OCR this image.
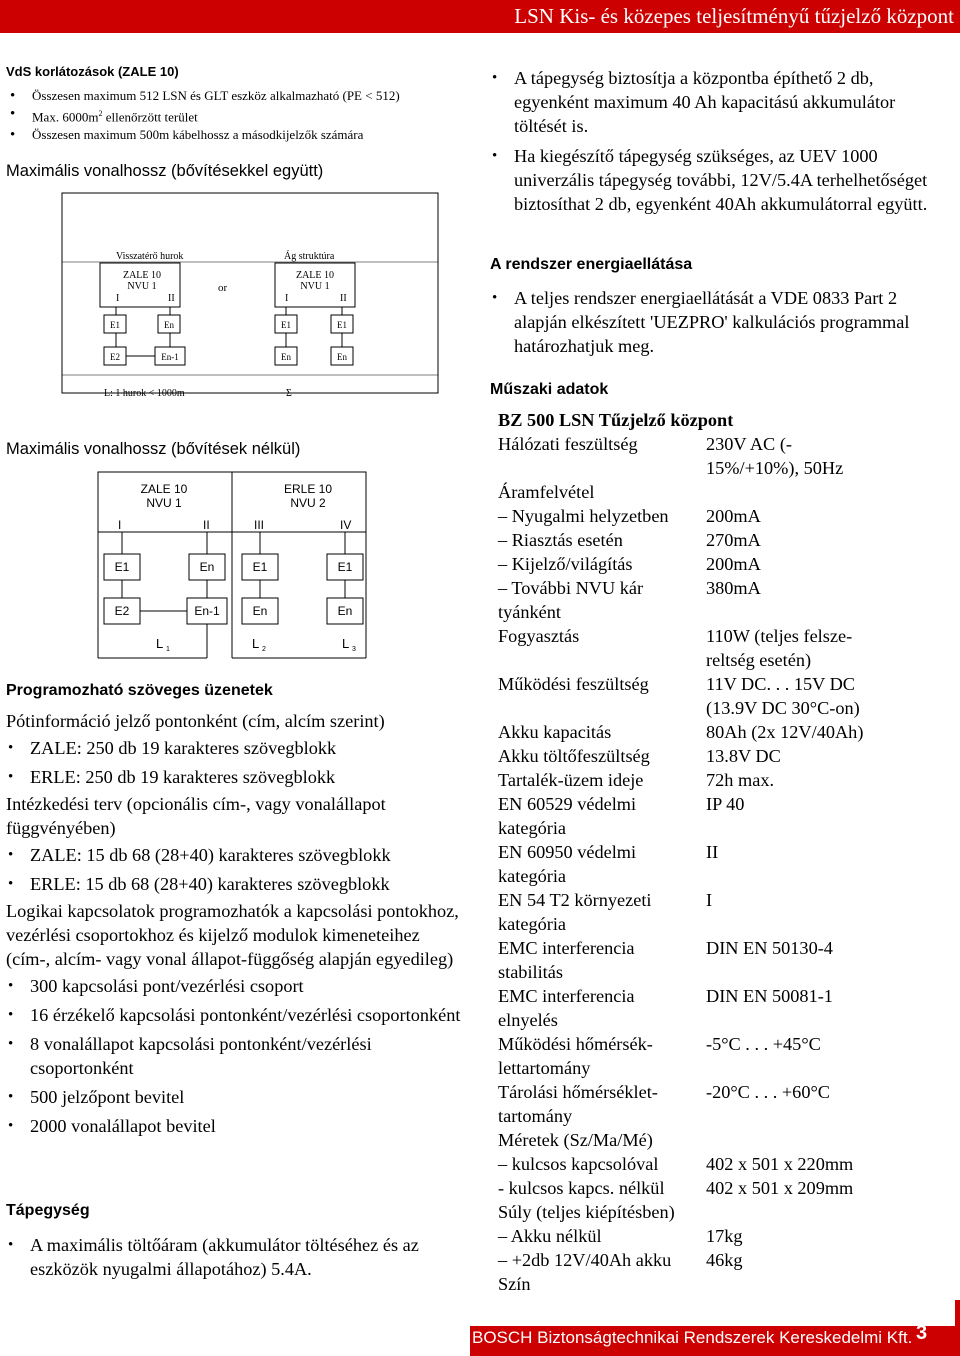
LSN Kis- és közepes teljesítményű tűzjelző központ
VdS korlátozások (ZALE 10)
• Összesen maximum 512 LSN és GLT eszköz alkalmazható (PE < 512)
• Max. $6000m^2$ ellenőrzött terület
• Összesen maximum 500m kábelhossz a másodkijelzők számára
Maximális vonalhossz (bővítésekkel együtt)
Visszatérő hurok
ZALE 10
NVU 1
I	II
E1	En
E2	En-1
or
Ág struktúra
ZALE 10
NVU 1
I	II
E1	E1
En	En
L: 1 hurok < 1000m	Σ
Maximális vonalhossz (bővítések nélkül)
ZALE 10
NVU 1
ERLE 10
NVU 2
I	II	III	IV
E1	En	E1	E1
E2	En-1	En	En
L 1	L 2	L 3
Programozható szöveges üzenetek
Pótinformáció jelző pontonként (cím, alcím szerint)
• ZALE: 250 db 19 karakteres szövegblokk
• ERLE: 250 db 19 karakteres szövegblokk
Intézkedési terv (opcionális cím-, vagy vonalállapot függvényében)
• ZALE: 15 db 68 (28+40) karakteres szövegblokk
• ERLE: 15 db 68 (28+40) karakteres szövegblokk
Logikai kapcsolatok programozhatók a kapcsolási pontokhoz, vezérlési csoportokhoz és kijelző modulok kimeneteihez (cím-, alcím- vagy vonal állapot-függőség alapján egyedileg)
• 300 kapcsolási pont/vezérlési csoport
• 16 érzékelő kapcsolási pontonként/vezérlési csoportonként
• 8 vonalállapot kapcsolási pontonként/vezérlési csoportonként
• 500 jelzőpont bevitel
• 2000 vonalállapot bevitel
Tápegység
• A maximális töltőáram (akkumulátor töltéséhez és az eszközök nyugalmi állapotához) 5.4A.
• A tápegység biztosítja a központba építhető 2 db, egyenként maximum 40 Ah kapacitású akkumulátor töltését is.
• Ha kiegészítő tápegység szükséges, az UEV 1000 univerzális tápegység további, 12V/5.4A terhelhetőséget biztosíthat 2 db, egyenként 40Ah akkumulátorral együtt.
A rendszer energiaellátása
• A teljes rendszer energiaellátását a VDE 0833 Part 2 alapján elkészített 'UEZPRO' kalkulációs programmal határozhatjuk meg.
Műszaki adatok
BZ 500 LSN Tűzjelző központ
Hálózati feszültség	230V AC (-
15%/+10%), 50Hz
Áramfelvétel
– Nyugalmi helyzetben 200mA
– Riasztás esetén	270mA
– Kijelző/világítás	200mA
– További NVU kár	380mA
tyánként
Fogyasztás	110W (teljes felsze-
reltség esetén)
Működési feszültség	11V DC. . . 15V DC
(13.9V DC 30°C-on)
Akku kapacitás	80Ah (2x 12V/40Ah)
Akku töltőfeszültség	13.8V DC
Tartalék-üzem ideje	72h max.
EN 60529 védelmi	IP 40
kategória
EN 60950 védelmi	II
kategória
EN 54 T2 környezeti	I
kategória
EMC interferencia	DIN EN 50130-4
stabilitás
EMC interferencia	DIN EN 50081-1
elnyelés
Működési hőmérsék-	-5°C . . . +45°C
lettartomány
Tárolási hőmérséklet-	-20°C . . . +60°C
tartomány
Méretek (Sz/Ma/Mé)
– kulcsos kapcsolóval	402 x 501 x 220mm
- kulcsos kapcs. nélkül 402 x 501 x 209mm
Súly (teljes kiépítésben)
– Akku nélkül	17kg
– +2db 12V/40Ah akku 46kg
Szín
BOSCH Biztonságtechnikai Rendszerek Kereskedelmi Kft. 3
